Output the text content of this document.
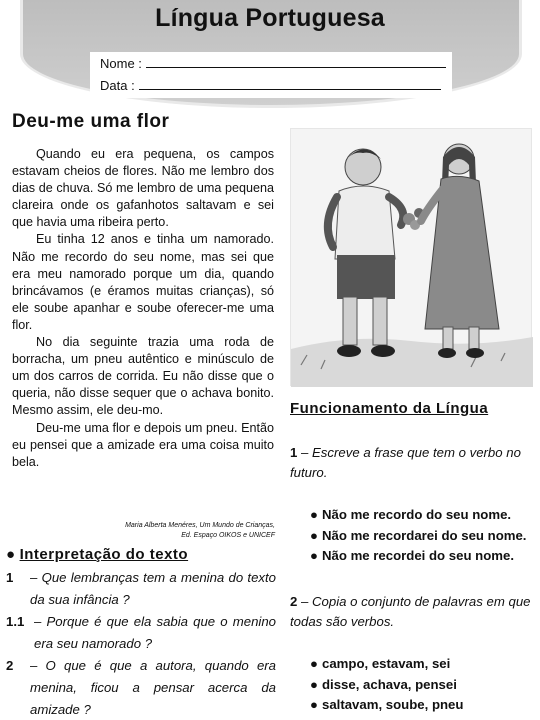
Língua Portuguesa
Nome :
Data :
Deu-me uma flor

Quando eu era pequena, os campos estavam cheios de flores. Não me lembro dos dias de chuva. Só me lembro de uma pequena clareira onde os gafanhotos saltavam e sei que havia uma ribeira perto.

Eu tinha 12 anos e tinha um namorado. Não me recordo do seu nome, mas sei que era meu namorado porque um dia, quando brincávamos (e éramos muitas crianças), só ele soube apanhar e soube oferecer-me uma flor.

No dia seguinte trazia uma roda de borracha, um pneu autêntico e minúsculo de um dos carros de corrida. Eu não disse que o queria, não disse sequer que o achava bonito. Mesmo assim, ele deu-mo.

Deu-me uma flor e depois um pneu. Então eu pensei que a amizade era uma coisa muito bela.

Maria Alberta Menéres, Um Mundo de Crianças,
Ed. Espaço OIKOS e UNICEF
● Interpretação do texto
1 – Que lembranças tem a menina do texto da sua infância ?
1.1 – Porque é que ela sabia que o menino era seu namorado ?
2 – O que é que a autora, quando era menina, ficou a pensar acerca da amizade ?
Funcionamento da Língua
1 – Escreve a frase que tem o verbo no futuro.
● Não me recordo do seu nome.
● Não me recordarei do seu nome.
● Não me recordei do seu nome.
2 – Copia o conjunto de palavras em que todas são verbos.
● campo, estavam, sei
● disse, achava, pensei
● saltavam, soube, pneu
